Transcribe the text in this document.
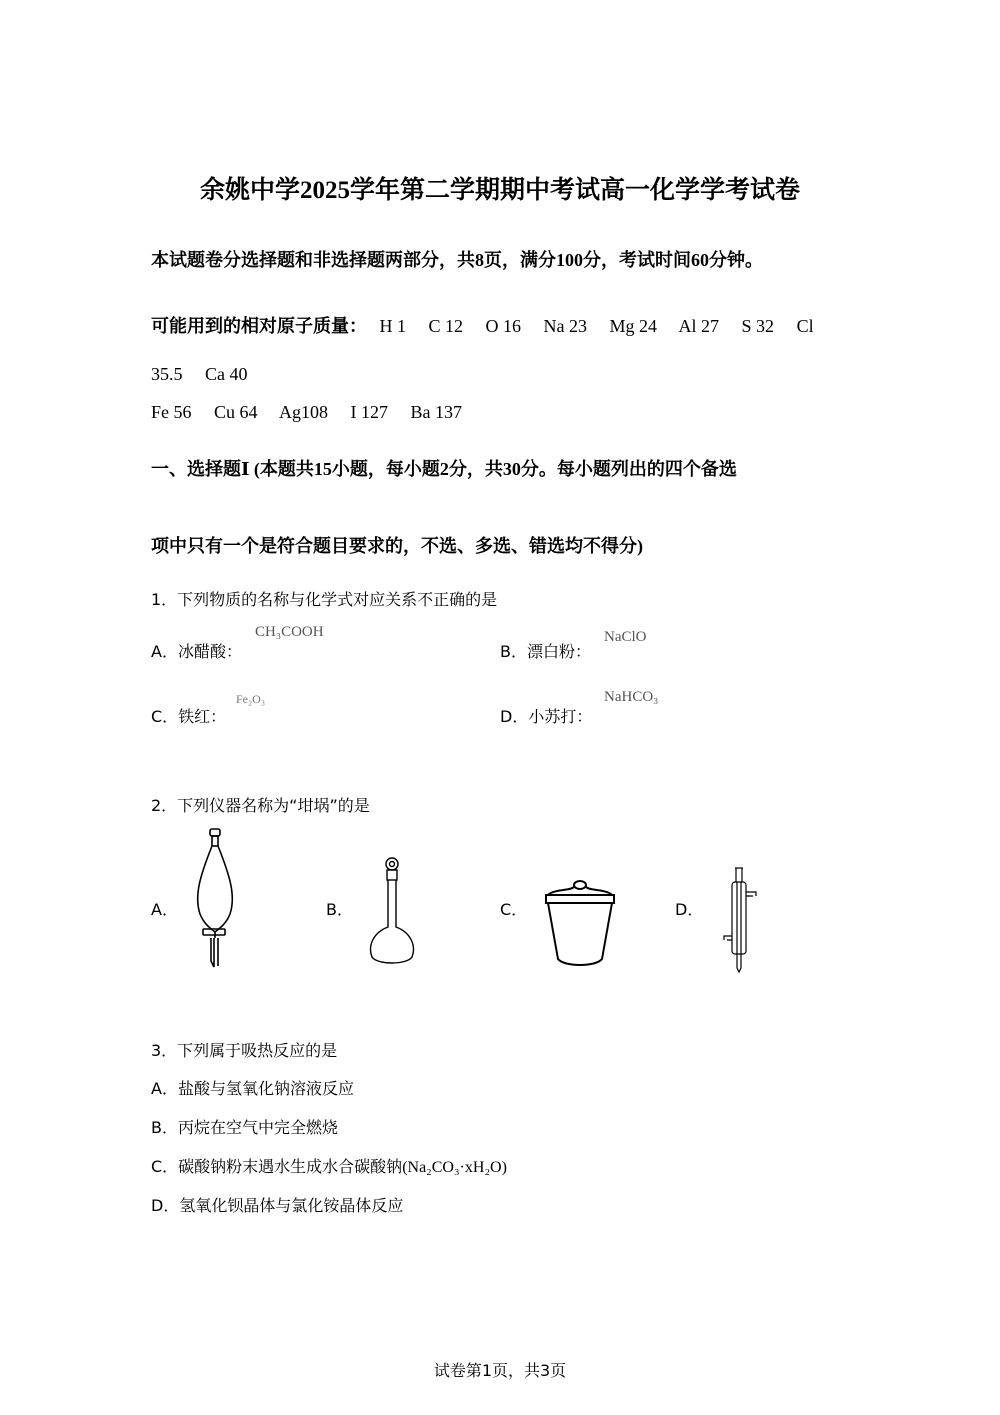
余姚中学2025学年第二学期期中考试高一化学学考试卷
本试题卷分选择题和非选择题两部分，共8页，满分100分，考试时间60分钟。
可能用到的相对原子质量： H 1 C 12 O 16 Na 23 Mg 24 Al 27 S 32 Cl
35.5 Ca 40
Fe 56 Cu 64 Ag108 I 127 Ba 137
一、选择题Ⅰ (本题共15小题，每小题2分，共30分。每小题列出的四个备选
项中只有一个是符合题目要求的，不选、多选、错选均不得分)
1．下列物质的名称与化学式对应关系不正确的是
A．冰醋酸：
CH₃COOH
B．漂白粉：
NaClO
C．铁红：
Fe₂O₃
D．小苏打：
NaHCO₃
2．下列仪器名称为“坩埚”的是
A．	B．	C．	D．
3．下列属于吸热反应的是
A．盐酸与氢氧化钠溶液反应
B．丙烷在空气中完全燃烧
C．碳酸钠粉末遇水生成水合碳酸钠(Na₂CO₃·xH₂O)
D．氢氧化钡晶体与氯化铵晶体反应
试卷第1页，共3页
